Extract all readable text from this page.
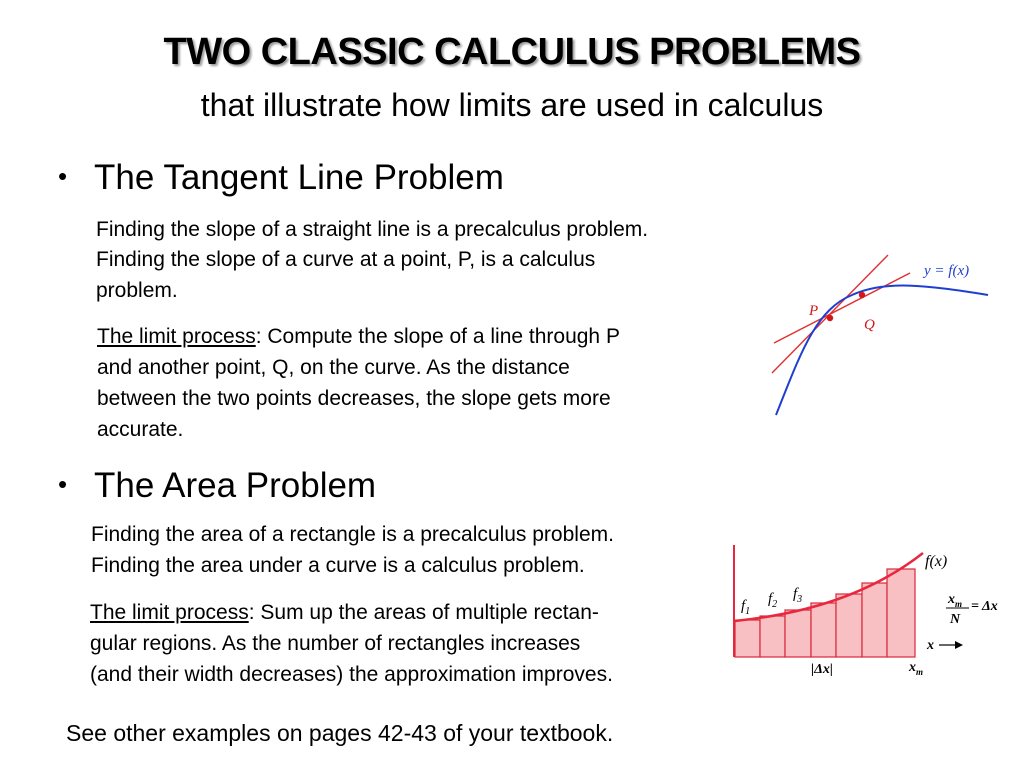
TWO CLASSIC CALCULUS PROBLEMS
that illustrate how limits are used in calculus
• The Tangent Line Problem
Finding the slope of a straight line is a precalculus problem.
Finding the slope of a curve at a point, P, is a calculus
problem.
The limit process: Compute the slope of a line through P
and another point, Q, on the curve. As the distance
between the two points decreases, the slope gets more
accurate.
P
Q
y = f(x)
• The Area Problem
Finding the area of a rectangle is a precalculus problem.
Finding the area under a curve is a calculus problem.
The limit process: Sum up the areas of multiple rectan-
gular regions. As the number of rectangles increases
(and their width decreases) the approximation improves.
f(x)
$f_1$
$f_2$
$f_3$	$x_m$
N
= Δx
x
|Δx|	$x_m$
See other examples on pages 42-43 of your textbook.
